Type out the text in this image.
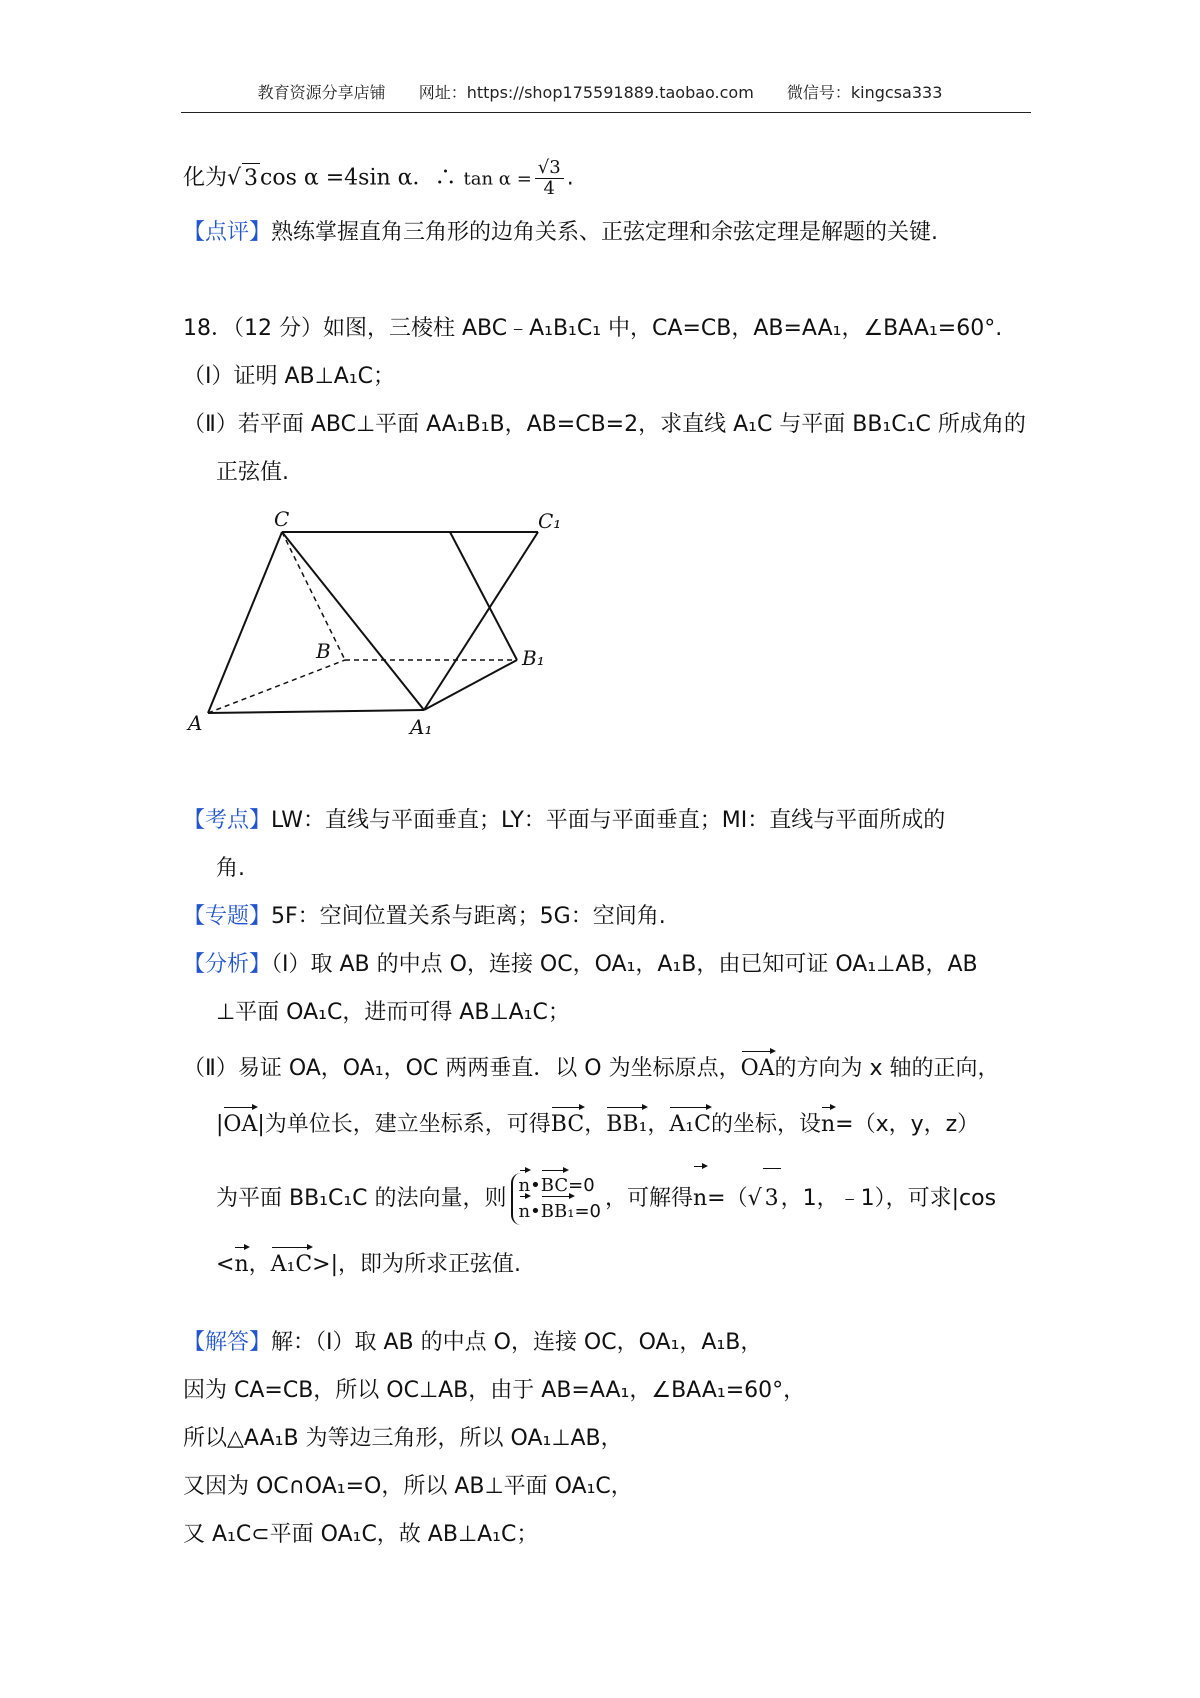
教育资源分享店铺 网址：https://shop175591889.taobao.com 微信号：kingcsa333
化为√ 3cos α =4sin α．∴ $\tan \alpha = \frac{√3}{4}$ .
【点评】熟练掌握直角三角形的边角关系、正弦定理和余弦定理是解题的关键.
18．（12 分）如图，三棱柱 ABC﹣A₁B₁C₁ 中，CA=CB，AB=AA₁，∠BAA₁=60°.
（Ⅰ）证明 AB⊥A₁C；
（Ⅱ）若平面 ABC⊥平面 AA₁B₁B，AB=CB=2，求直线 A₁C 与平面 BB₁C₁C 所成角的
正弦值.
C	C₁
B	B₁
A	A₁
【考点】LW：直线与平面垂直；LY：平面与平面垂直；MI：直线与平面所成的
角.
【专题】5F：空间位置关系与距离；5G：空间角.
【分析】（Ⅰ）取 AB 的中点 O，连接 OC，OA₁，A₁B，由已知可证 OA₁⊥AB，AB
⊥平面 OA₁C，进而可得 AB⊥A₁C；
（Ⅱ）易证 OA，OA₁，OC 两两垂直．以 O 为坐标原点，OA的方向为 x 轴的正向，
|OA|为单位长，建立坐标系，可得BC，BB₁，A₁C的坐标，设n=（x，y，z）
为平面 BB₁C₁C 的法向量，则
n•BC=0
n•BB₁=0
，可解得n=（√ 3，1，﹣1），可求|cos
<n，A₁C>|，即为所求正弦值.
【解答】解：（Ⅰ）取 AB 的中点 O，连接 OC，OA₁，A₁B，
因为 CA=CB，所以 OC⊥AB，由于 AB=AA₁，∠BAA₁=60°，
所以△AA₁B 为等边三角形，所以 OA₁⊥AB，
又因为 OC∩OA₁=O，所以 AB⊥平面 OA₁C，
又 A₁C⊂平面 OA₁C，故 AB⊥A₁C；
